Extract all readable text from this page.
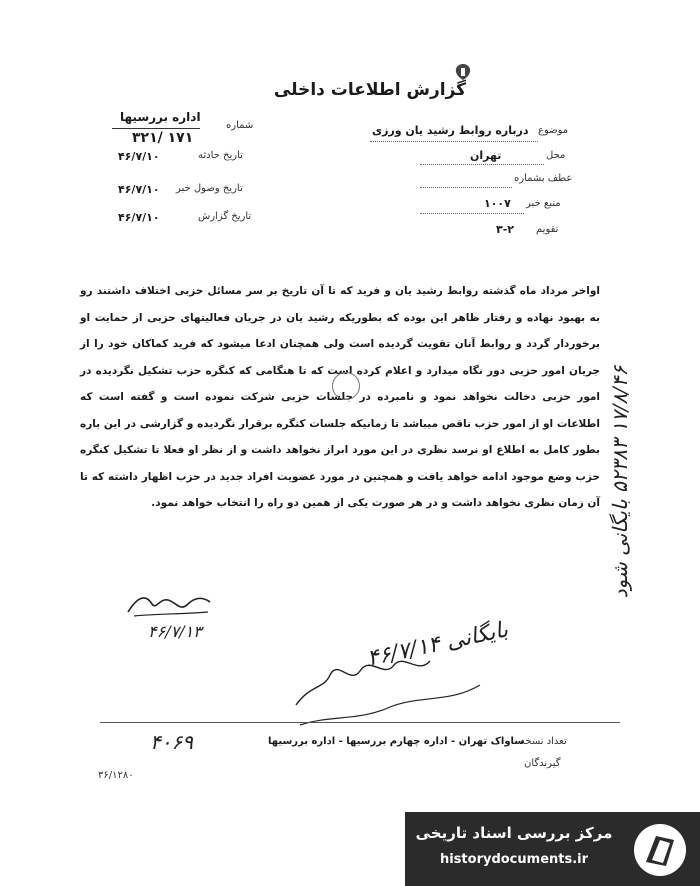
گزارش اطلاعات داخلی
اداره بررسیها
شماره
۳۲۱/ ۱۷۱
تاریخ حادثه
۴۶/۷/۱۰
تاریخ وصول خبر
۴۶/۷/۱۰
تاریخ گزارش
۴۶/۷/۱۰
موضوع
درباره روابط رشید یان ورزی
محل
تهران
عطف بشماره
منبع خبر
۱۰۰۷
تقویم
۳-۲
اواخر مرداد ماه گذشته روابط رشید یان و فرید که تا آن تاریخ بر سر مسائل حزبی اختلاف داشتند رو به بهبود نهاده و رفتار ظاهر این بوده که بطوریکه رشید یان در جریان فعالیتهای حزبی از حمایت او برخوردار گردد و روابط آنان تقویت گردیده است ولی همچنان ادعا میشود که فرید کماکان خود را از جریان امور حزبی دور نگاه میدارد و اعلام کرده است که تا هنگامی که کنگره حزب تشکیل نگردیده در امور حزبی دخالت نخواهد نمود و نامبرده در جلسات حزبی شرکت نموده است و گفته است که اطلاعات او از امور حزب ناقص میباشد تا زمانیکه جلسات کنگره برقرار نگردیده و گزارشی در این باره بطور کامل به اطلاع او نرسد نظری در این مورد ابراز نخواهد داشت و از نظر او فعلا تا تشکیل کنگره حزب وضع موجود ادامه خواهد یافت و همچنین در مورد عضویت افراد جدید در حزب اظهار داشته که تا آن زمان نظری نخواهد داشت و در هر صورت یکی از همین دو راه را انتخاب خواهد نمود. ۱۷/۸/۴۶ ۵۲۳۸۳ بایگانی شود
۴۶/۷/۱۳
بایگانی ۴۶/۷/۱۴
۴۰۶۹	تعداد نسخه
ساواک تهران - اداره چهارم بررسیها - اداره بررسیها
گیرندگان
۳۶/۱۲۸۰
مرکز بررسی اسناد تاریخی
historydocuments.ir
